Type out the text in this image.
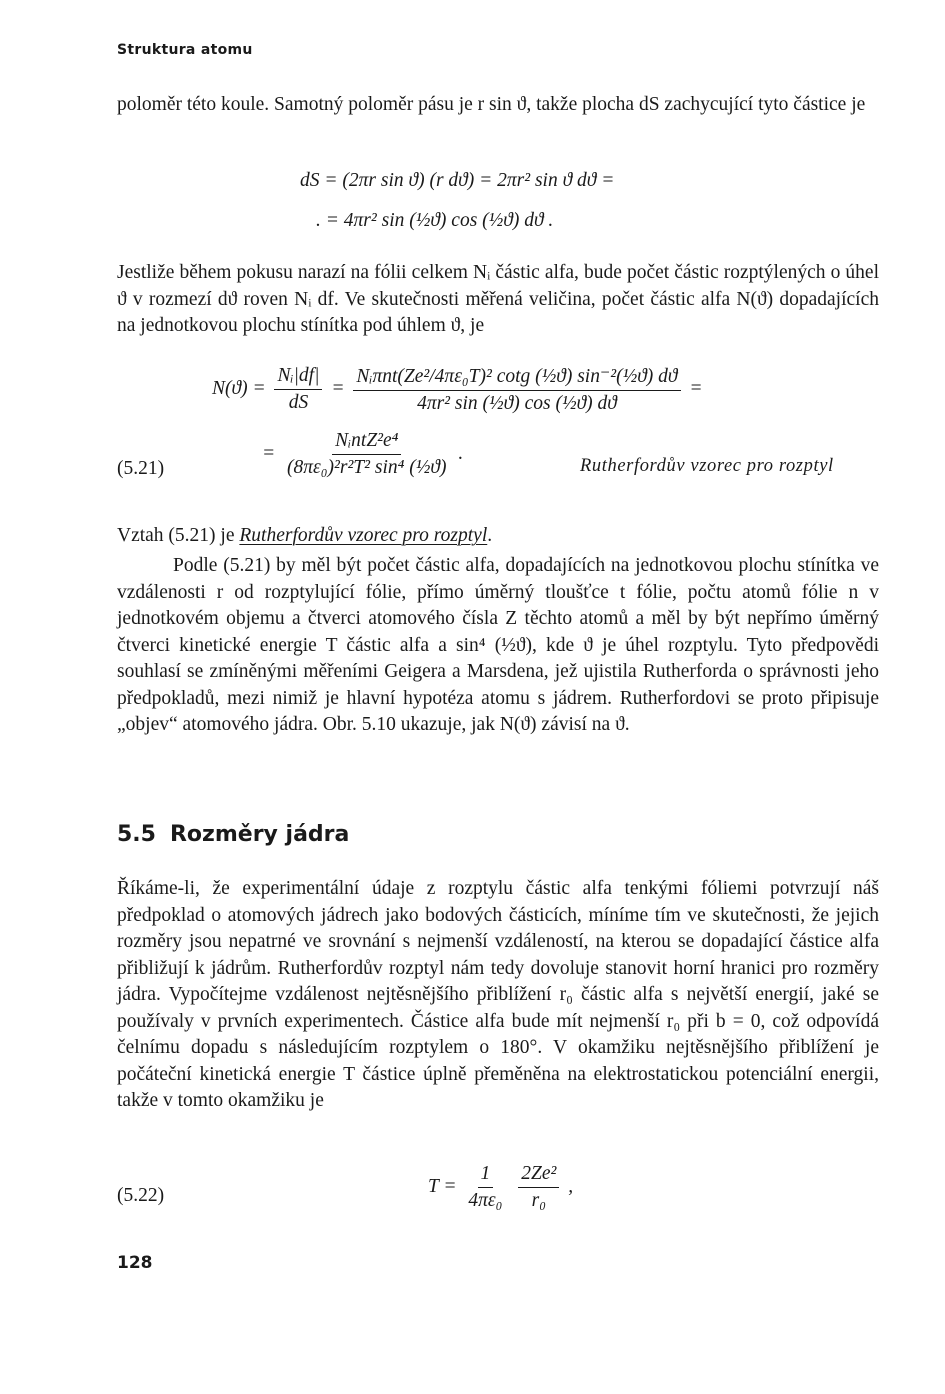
Struktura atomu

poloměr této koule. Samotný poloměr pásu je r sin ϑ, takže plocha dS zachycující tyto částice je

dS = (2πr sin ϑ) (r dϑ) = 2πr² sin ϑ dϑ =
. = 4πr² sin (½ϑ) cos (½ϑ) dϑ .

Jestliže během pokusu narazí na fólii celkem Nᵢ částic alfa, bude počet částic rozptýlených o úhel ϑ v rozmezí dϑ roven Nᵢ df. Ve skutečnosti měřená veličina, počet částic alfa N(ϑ) dopadajících na jednotkovou plochu stínítka pod úhlem ϑ, je

$N(ϑ) = \frac{\text{Nᵢ|df|}}{dS} = \frac{\text{Nᵢπnt(Ze²/4πε₀T)² cotg (½ϑ) sin⁻²(½ϑ) dϑ}}{\text{4πr² sin (½ϑ) cos (½ϑ) dϑ}}$ =
(5.21)
= $\frac{\text{NᵢntZ²e⁴}}{\text{(8πε₀)²r²T² sin⁴ (½ϑ)}}$ .
Rutherfordův vzorec pro rozptyl

Vztah (5.21) je Rutherfordův vzorec pro rozptyl.

Podle (5.21) by měl být počet částic alfa, dopadajících na jednotkovou plochu stínítka ve vzdálenosti r od rozptylující fólie, přímo úměrný tloušťce t fólie, počtu atomů fólie n v jednotkovém objemu a čtverci atomového čísla Z těchto atomů a měl by být nepřímo úměrný čtverci kinetické energie T částic alfa a sin⁴ (½ϑ), kde ϑ je úhel rozptylu. Tyto předpovědi souhlasí se zmíněnými měřeními Geigera a Marsdena, jež ujistila Rutherforda o správnosti jeho předpokladů, mezi nimiž je hlavní hypotéza atomu s jádrem. Rutherfordovi se proto připisuje „objev“ atomového jádra. Obr. 5.10 ukazuje, jak N(ϑ) závisí na ϑ.

5.5 Rozměry jádra

Říkáme-li, že experimentální údaje z rozptylu částic alfa tenkými fóliemi potvrzují náš předpoklad o atomových jádrech jako bodových částicích, míníme tím ve skutečnosti, že jejich rozměry jsou nepatrné ve srovnání s nejmenší vzdáleností, na kterou se dopadající částice alfa přibližují k jádrům. Rutherfordův rozptyl nám tedy dovoluje stanovit horní hranici pro rozměry jádra. Vypočítejme vzdálenost nejtěsnějšího přiblížení r₀ částic alfa s největší energií, jaké se používaly v prvních experimentech. Částice alfa bude mít nejmenší r₀ při b = 0, což odpovídá čelnímu dopadu s následujícím rozptylem o 180°. V okamžiku nejtěsnějšího přiblížení je počáteční kinetická energie T částice úplně přeměněna na elektrostatickou potenciální energii, takže v tomto okamžiku je

(5.22)	$T = \frac{1}{\text{4πε₀}}$
$\frac{\text{2Ze²}}{\text{r₀}}$ ,
128
